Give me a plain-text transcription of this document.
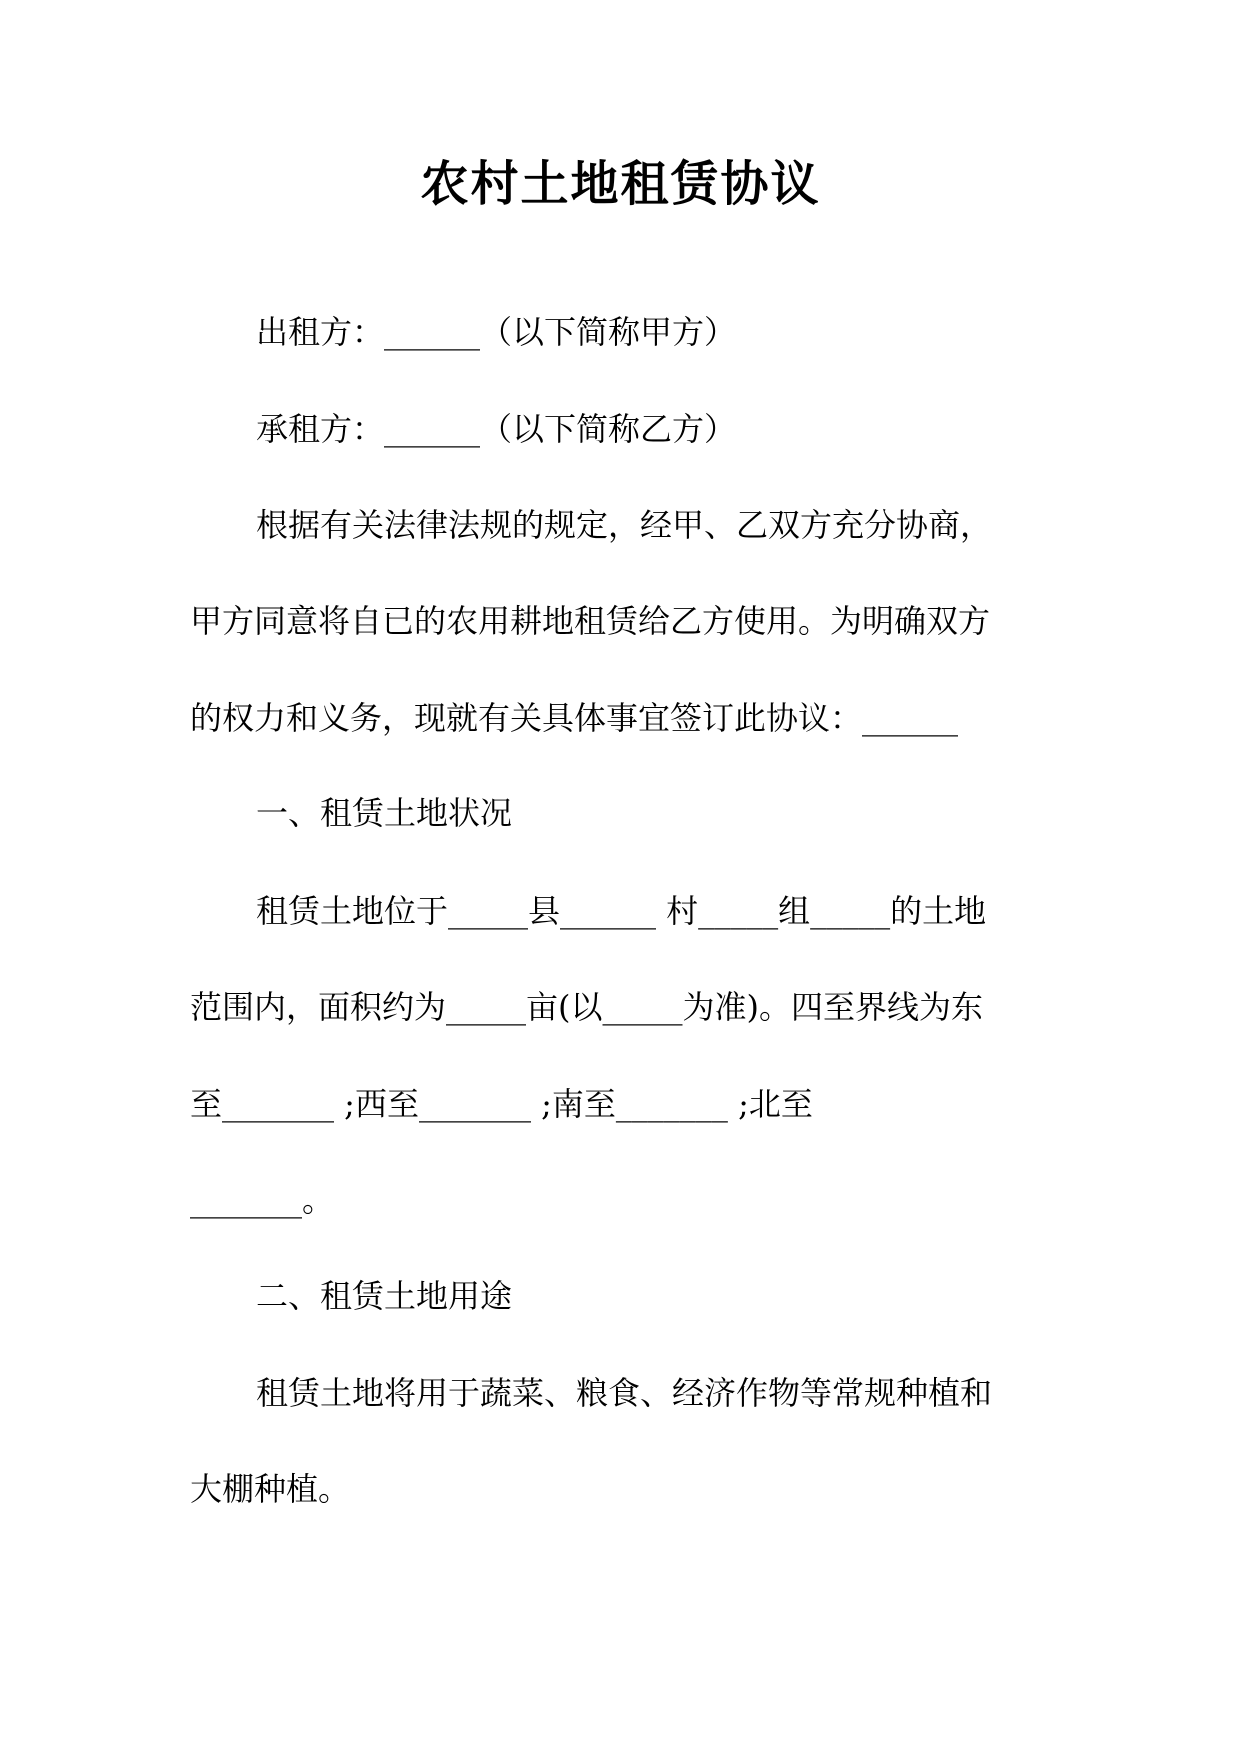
农村土地租赁协议
出租方：______（以下简称甲方）
承租方：______（以下简称乙方）
根据有关法律法规的规定，经甲、乙双方充分协商，
甲方同意将自已的农用耕地租赁给乙方使用。为明确双方
的权力和义务，现就有关具体事宜签订此协议：______
一、租赁土地状况
租赁土地位于_____县______ 村_____组_____的土地
范围内，面积约为_____亩(以_____为准)。四至界线为东
至_______ ;西至_______ ;南至_______ ;北至
_______。
二、租赁土地用途
租赁土地将用于蔬菜、粮食、经济作物等常规种植和
大棚种植。
